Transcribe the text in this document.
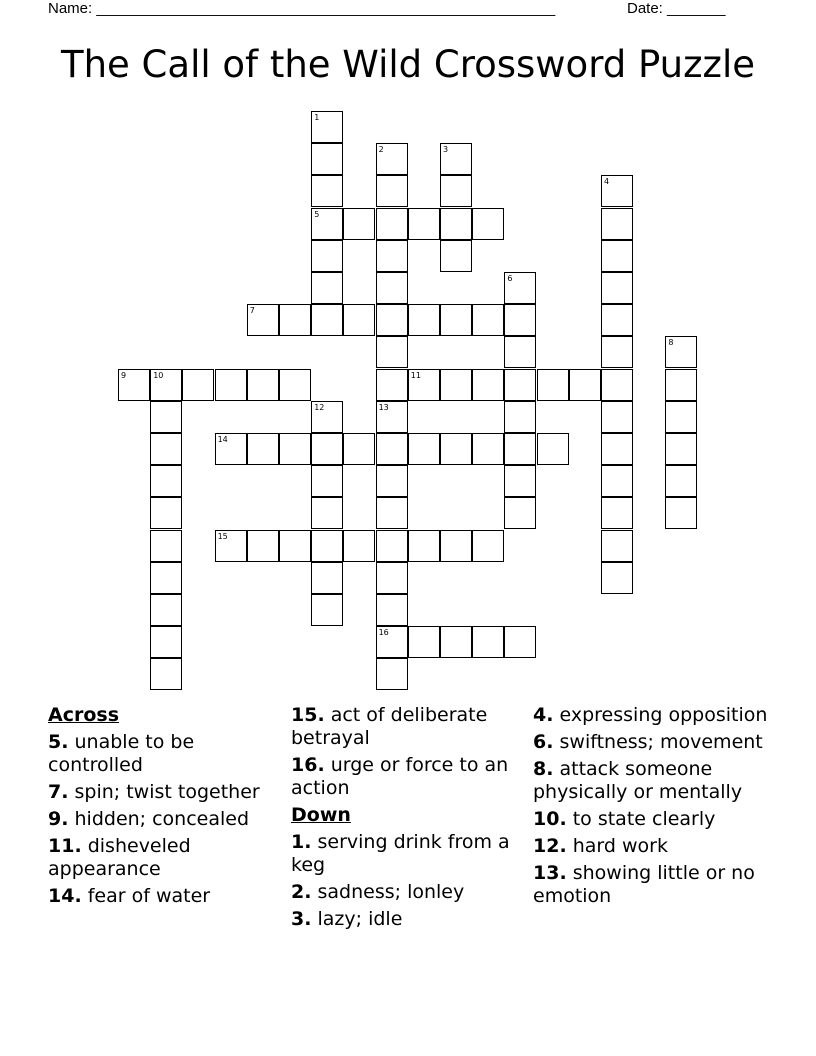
Name: _______________________________________________________	Date: _______
The Call of the Wild Crossword Puzzle
1
5
2	3
4
6
7
8
9	10	11
12	13
16
14
15
Across
5. unable to be controlled
7. spin; twist together
9. hidden; concealed
11. disheveled appearance
14. fear of water
15. act of deliberate betrayal
16. urge or force to an action
Down
1. serving drink from a keg
2. sadness; lonley
3. lazy; idle
4. expressing opposition
6. swiftness; movement
8. attack someone physically or mentally
10. to state clearly
12. hard work
13. showing little or no emotion
